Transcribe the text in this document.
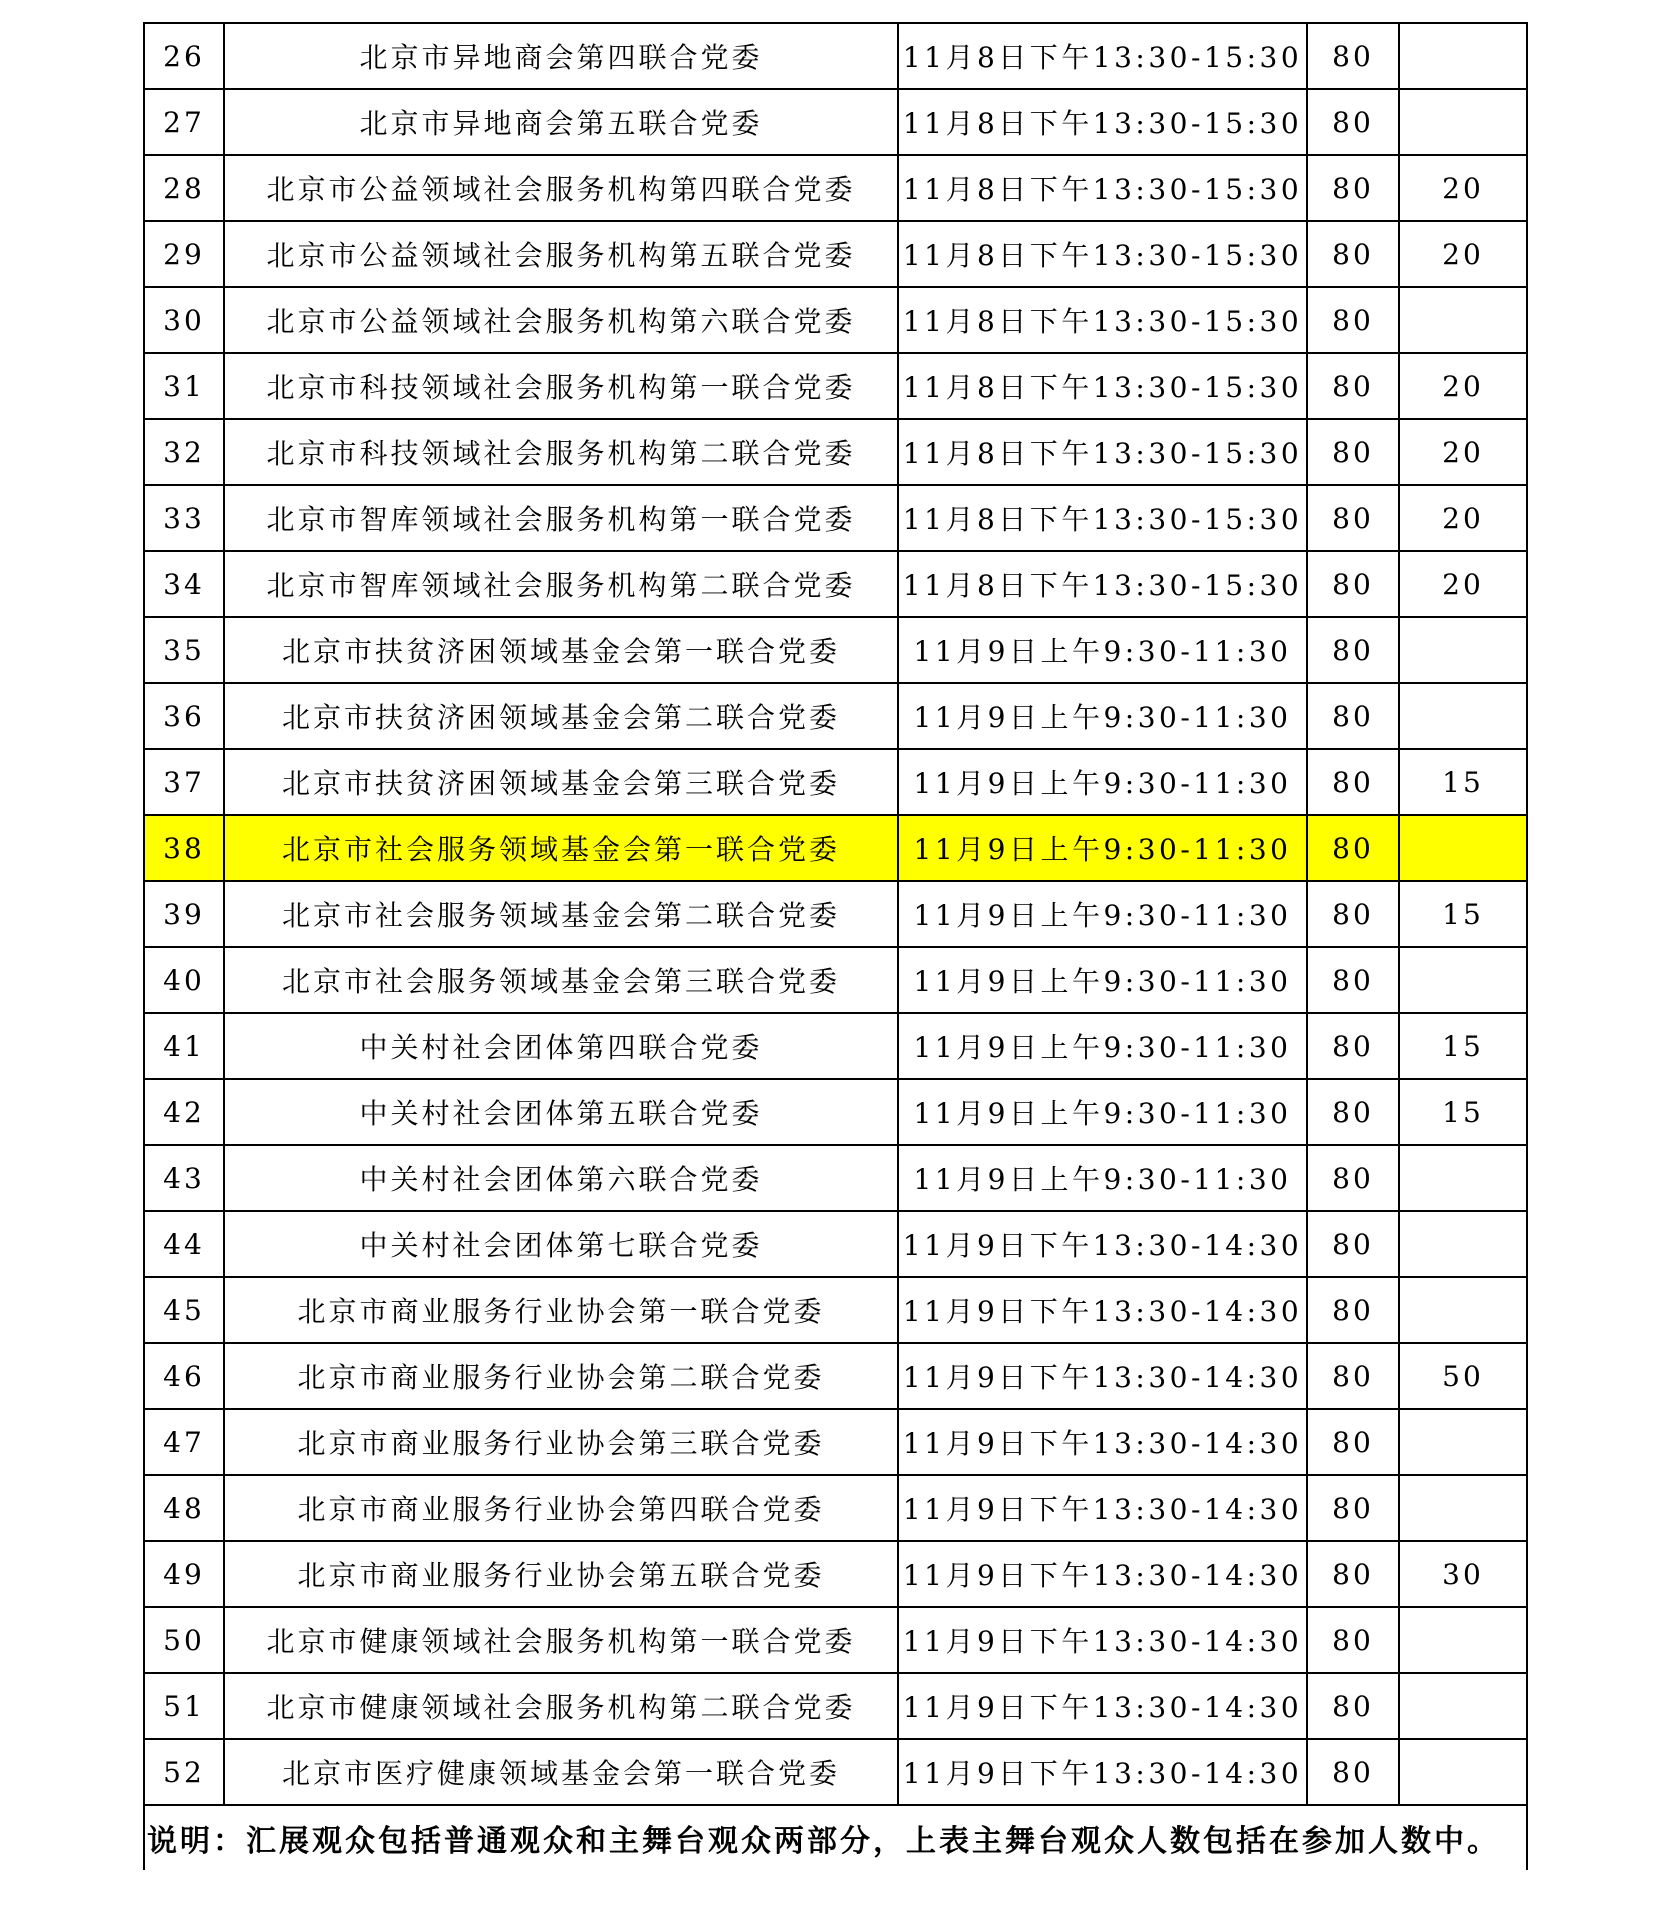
26	北京市异地商会第四联合党委	11月8日下午13:30-15:30	80	
27	北京市异地商会第五联合党委	11月8日下午13:30-15:30	80	
28	北京市公益领域社会服务机构第四联合党委	11月8日下午13:30-15:30	80	20
29	北京市公益领域社会服务机构第五联合党委	11月8日下午13:30-15:30	80	20
30	北京市公益领域社会服务机构第六联合党委	11月8日下午13:30-15:30	80	
31	北京市科技领域社会服务机构第一联合党委	11月8日下午13:30-15:30	80	20
32	北京市科技领域社会服务机构第二联合党委	11月8日下午13:30-15:30	80	20
33	北京市智库领域社会服务机构第一联合党委	11月8日下午13:30-15:30	80	20
34	北京市智库领域社会服务机构第二联合党委	11月8日下午13:30-15:30	80	20
35	北京市扶贫济困领域基金会第一联合党委	11月9日上午9:30-11:30	80	
36	北京市扶贫济困领域基金会第二联合党委	11月9日上午9:30-11:30	80	
37	北京市扶贫济困领域基金会第三联合党委	11月9日上午9:30-11:30	80	15
38	北京市社会服务领域基金会第一联合党委	11月9日上午9:30-11:30	80	
39	北京市社会服务领域基金会第二联合党委	11月9日上午9:30-11:30	80	15
40	北京市社会服务领域基金会第三联合党委	11月9日上午9:30-11:30	80	
41	中关村社会团体第四联合党委	11月9日上午9:30-11:30	80	15
42	中关村社会团体第五联合党委	11月9日上午9:30-11:30	80	15
43	中关村社会团体第六联合党委	11月9日上午9:30-11:30	80	
44	中关村社会团体第七联合党委	11月9日下午13:30-14:30	80	
45	北京市商业服务行业协会第一联合党委	11月9日下午13:30-14:30	80	
46	北京市商业服务行业协会第二联合党委	11月9日下午13:30-14:30	80	50
47	北京市商业服务行业协会第三联合党委	11月9日下午13:30-14:30	80	
48	北京市商业服务行业协会第四联合党委	11月9日下午13:30-14:30	80	
49	北京市商业服务行业协会第五联合党委	11月9日下午13:30-14:30	80	30
50	北京市健康领域社会服务机构第一联合党委	11月9日下午13:30-14:30	80	
51	北京市健康领域社会服务机构第二联合党委	11月9日下午13:30-14:30	80	
52	北京市医疗健康领域基金会第一联合党委	11月9日下午13:30-14:30	80	
说明：汇展观众包括普通观众和主舞台观众两部分，上表主舞台观众人数包括在参加人数中。				
